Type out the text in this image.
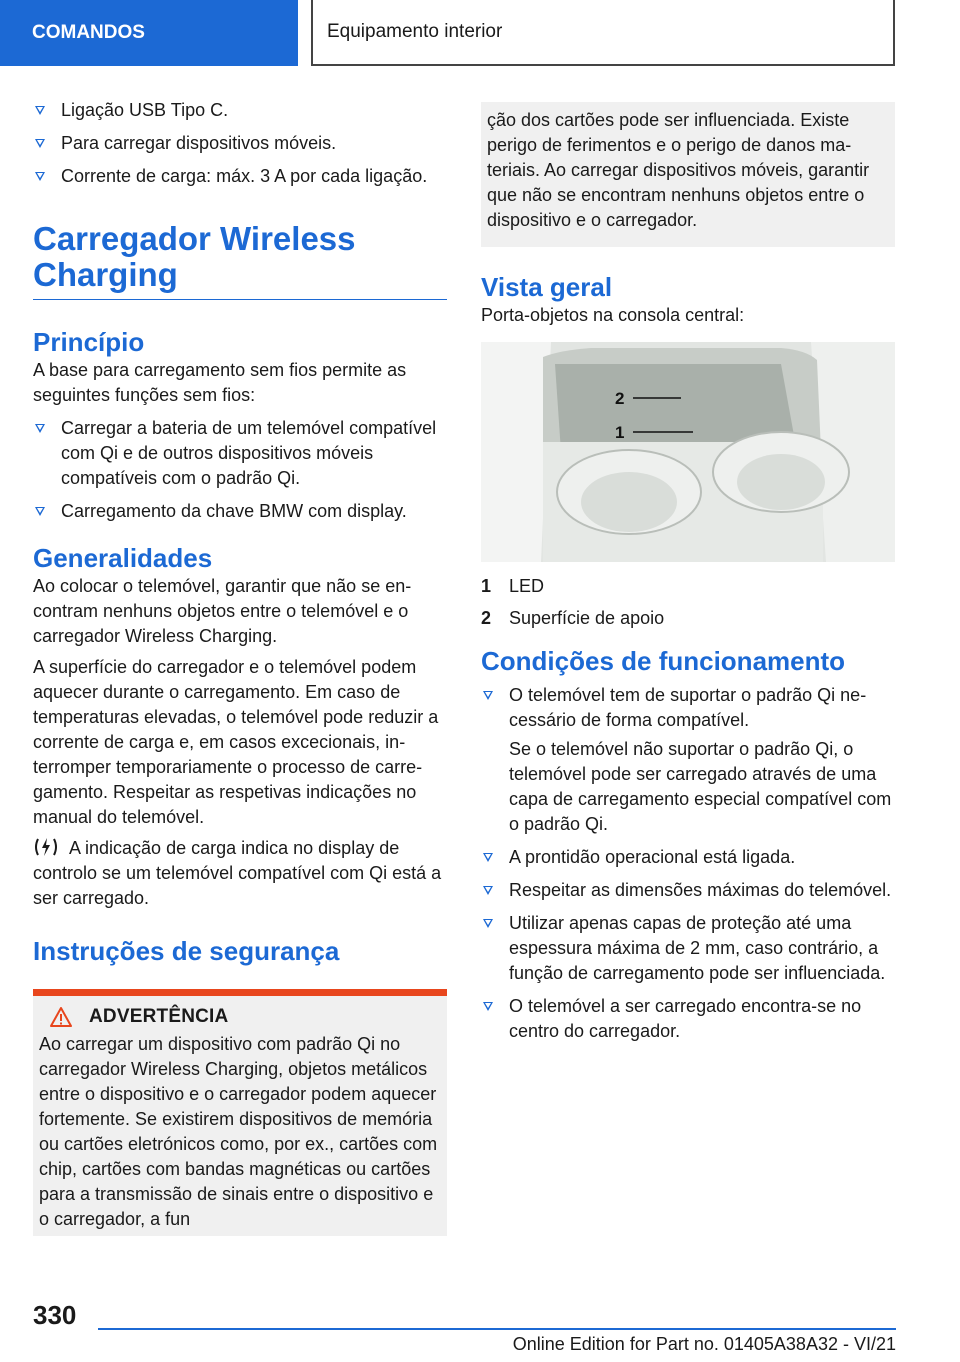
COMANDOS	Equipamento interior
Ligação USB Tipo C.
Para carregar dispositivos móveis.
Corrente de carga: máx. 3 A por cada ligação.
Carregador Wireless Charging
Princípio

A base para carregamento sem fios permite as seguintes funções sem fios:

Carregar a bateria de um telemóvel compatível com Qi e de outros dispositivos móveis compatíveis com o padrão Qi.
Carregamento da chave BMW com display.
Generalidades

Ao colocar o telemóvel, garantir que não se encontram nenhuns objetos entre o telemóvel e o carregador Wireless Charging.

A superfície do carregador e o telemóvel podem aquecer durante o carregamento. Em caso de temperaturas elevadas, o telemóvel pode reduzir a corrente de carga e, em casos excecionais, interromper temporariamente o processo de carregamento. Respeitar as respetivas indicações no manual do telemóvel.

A indicação de carga indica no display de controlo se um telemóvel compatível com Qi está a ser carregado.

Instruções de segurança
ADVERTÊNCIA

Ao carregar um dispositivo com padrão Qi no carregador Wireless Charging, objetos metálicos entre o dispositivo e o carregador podem aquecer fortemente. Se existirem dispositivos de memória ou cartões eletrónicos como, por ex., cartões com chip, cartões com bandas magnéticas ou cartões para a transmissão de sinais entre o dispositivo e o carregador, a fun

ção dos cartões pode ser influenciada. Existe perigo de ferimentos e o perigo de danos materiais. Ao carregar dispositivos móveis, garantir que não se encontram nenhuns objetos entre o dispositivo e o carregador.

Vista geral

Porta-objetos na consola central:

2
1
1 LED
2 Superfície de apoio
Condições de funcionamento
O telemóvel tem de suportar o padrão Qi necessário de forma compatível.

Se o telemóvel não suportar o padrão Qi, o telemóvel pode ser carregado através de uma capa de carregamento especial compatível com o padrão Qi.

A prontidão operacional está ligada.
Respeitar as dimensões máximas do telemóvel.
Utilizar apenas capas de proteção até uma espessura máxima de 2 mm, caso contrário, a função de carregamento pode ser influenciada.
O telemóvel a ser carregado encontra-se no centro do carregador.
330
Online Edition for Part no. 01405A38A32 - VI/21
